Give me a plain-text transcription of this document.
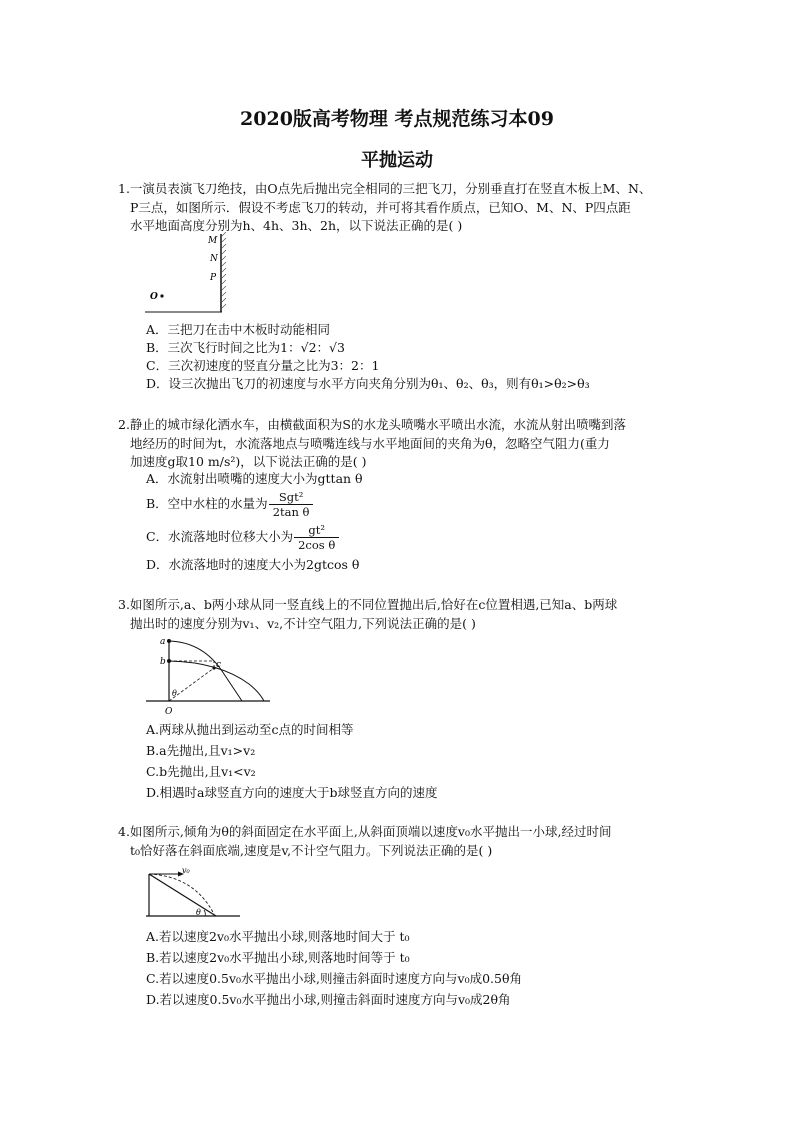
2020版高考物理 考点规范练习本09
平抛运动
1.一演员表演飞刀绝技，由O点先后抛出完全相同的三把飞刀，分别垂直打在竖直木板上M、N、
P三点，如图所示．假设不考虑飞刀的转动，并可将其看作质点，已知O、M、N、P四点距
水平地面高度分别为h、4h、3h、2h，以下说法正确的是( )
M
N
P
O
A．三把刀在击中木板时动能相同
B．三次飞行时间之比为1：√2：√3
C．三次初速度的竖直分量之比为3：2：1
D．设三次抛出飞刀的初速度与水平方向夹角分别为θ₁、θ₂、θ₃，则有θ₁>θ₂>θ₃
2.静止的城市绿化洒水车，由横截面积为S的水龙头喷嘴水平喷出水流，水流从射出喷嘴到落
地经历的时间为t，水流落地点与喷嘴连线与水平地面间的夹角为θ，忽略空气阻力(重力
加速度g取10 m/s²)，以下说法正确的是( )
A．水流射出喷嘴的速度大小为gttan θ
B．空中水柱的水量为 $\frac{\text{Sgt²}}{\text{2tan θ}}$
C．水流落地时位移大小为 $\frac{\text{gt²}}{\text{2cos θ}}$
D．水流落地时的速度大小为2gtcos θ
3.如图所示,a、b两小球从同一竖直线上的不同位置抛出后,恰好在c位置相遇,已知a、b两球
抛出时的速度分别为v₁、v₂,不计空气阻力,下列说法正确的是( )
a
b	c
θ
O
A.两球从抛出到运动至c点的时间相等
B.a先抛出,且v₁>v₂
C.b先抛出,且v₁<v₂
D.相遇时a球竖直方向的速度大于b球竖直方向的速度
4.如图所示,倾角为θ的斜面固定在水平面上,从斜面顶端以速度v₀水平抛出一小球,经过时间
t₀恰好落在斜面底端,速度是v,不计空气阻力。下列说法正确的是( )
v₀
θ
A.若以速度2v₀水平抛出小球,则落地时间大于 t₀
B.若以速度2v₀水平抛出小球,则落地时间等于 t₀
C.若以速度0.5v₀水平抛出小球,则撞击斜面时速度方向与v₀成0.5θ角
D.若以速度0.5v₀水平抛出小球,则撞击斜面时速度方向与v₀成2θ角
